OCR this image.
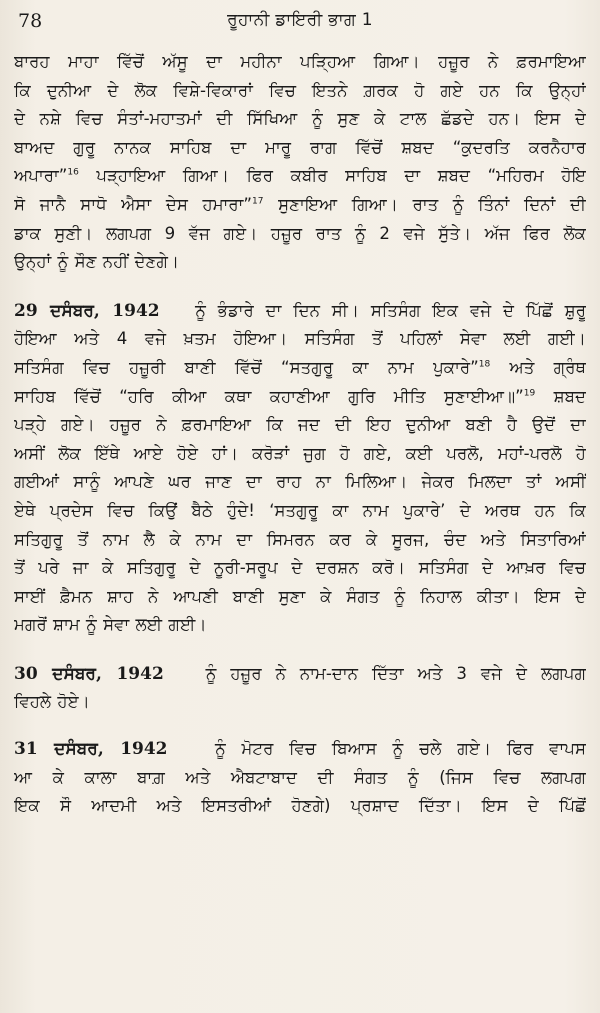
78	ਰੂਹਾਨੀ ਡਾਇਰੀ ਭਾਗ 1
ਬਾਰਹ ਮਾਹਾ ਵਿੱਚੋਂ ਅੱਸੂ ਦਾ ਮਹੀਨਾ ਪੜ੍ਹਿਆ ਗਿਆ। ਹਜ਼ੂਰ ਨੇ ਫ਼ਰਮਾਇਆ
ਕਿ ਦੁਨੀਆ ਦੇ ਲੋਕ ਵਿਸ਼ੇ-ਵਿਕਾਰਾਂ ਵਿਚ ਇਤਨੇ ਗ਼ਰਕ ਹੋ ਗਏ ਹਨ ਕਿ ਉਨ੍ਹਾਂ
ਦੇ ਨਸ਼ੇ ਵਿਚ ਸੰਤਾਂ-ਮਹਾਤਮਾਂ ਦੀ ਸਿੱਖਿਆ ਨੂੰ ਸੁਣ ਕੇ ਟਾਲ ਛੱਡਦੇ ਹਨ। ਇਸ ਦੇ
ਬਾਅਦ ਗੁਰੂ ਨਾਨਕ ਸਾਹਿਬ ਦਾ ਮਾਰੂ ਰਾਗ ਵਿੱਚੋਂ ਸ਼ਬਦ “ਕੁਦਰਤਿ ਕਰਨੈਹਾਰ
ਅਪਾਰਾ”$^{16}$ ਪੜ੍ਹਾਇਆ ਗਿਆ। ਫਿਰ ਕਬੀਰ ਸਾਹਿਬ ਦਾ ਸ਼ਬਦ “ਮਹਿਰਮ ਹੋਇ
ਸੋ ਜਾਨੈ ਸਾਧੋ ਐਸਾ ਦੇਸ ਹਮਾਰਾ”$^{17}$ ਸੁਣਾਇਆ ਗਿਆ। ਰਾਤ ਨੂੰ ਤਿੰਨਾਂ ਦਿਨਾਂ ਦੀ
ਡਾਕ ਸੁਣੀ। ਲਗਪਗ 9 ਵੱਜ ਗਏ। ਹਜ਼ੂਰ ਰਾਤ ਨੂੰ 2 ਵਜੇ ਸੁੱਤੇ। ਅੱਜ ਫਿਰ ਲੋਕ
ਉਨ੍ਹਾਂ ਨੂੰ ਸੌਣ ਨਹੀਂ ਦੇਣਗੇ।
29 ਦਸੰਬਰ, 1942 ਨੂੰ ਭੰਡਾਰੇ ਦਾ ਦਿਨ ਸੀ। ਸਤਿਸੰਗ ਇਕ ਵਜੇ ਦੇ ਪਿੱਛੋਂ ਸ਼ੁਰੂ
ਹੋਇਆ ਅਤੇ 4 ਵਜੇ ਖ਼ਤਮ ਹੋਇਆ। ਸਤਿਸੰਗ ਤੋਂ ਪਹਿਲਾਂ ਸੇਵਾ ਲਈ ਗਈ।
ਸਤਿਸੰਗ ਵਿਚ ਹਜ਼ੂਰੀ ਬਾਣੀ ਵਿੱਚੋਂ “ਸਤਗੁਰੂ ਕਾ ਨਾਮ ਪੁਕਾਰੇ”$^{18}$ ਅਤੇ ਗ੍ਰੰਥ
ਸਾਹਿਬ ਵਿੱਚੋਂ “ਹਰਿ ਕੀਆ ਕਥਾ ਕਹਾਣੀਆ ਗੁਰਿ ਮੀਤਿ ਸੁਣਾਈਆ॥”$^{19}$ ਸ਼ਬਦ
ਪੜ੍ਹੇ ਗਏ। ਹਜ਼ੂਰ ਨੇ ਫ਼ਰਮਾਇਆ ਕਿ ਜਦ ਦੀ ਇਹ ਦੁਨੀਆ ਬਣੀ ਹੈ ਉਦੋਂ ਦਾ
ਅਸੀਂ ਲੋਕ ਇੱਥੇ ਆਏ ਹੋਏ ਹਾਂ। ਕਰੋੜਾਂ ਜੁਗ ਹੋ ਗਏ, ਕਈ ਪਰਲੋ, ਮਹਾਂ-ਪਰਲੋ ਹੋ
ਗਈਆਂ ਸਾਨੂੰ ਆਪਣੇ ਘਰ ਜਾਣ ਦਾ ਰਾਹ ਨਾ ਮਿਲਿਆ। ਜੇਕਰ ਮਿਲਦਾ ਤਾਂ ਅਸੀਂ
ਏਥੇ ਪ੍ਰਦੇਸ ਵਿਚ ਕਿਉਂ ਬੈਠੇ ਹੁੰਦੇ! ‘ਸਤਗੁਰੂ ਕਾ ਨਾਮ ਪੁਕਾਰੇ’ ਦੇ ਅਰਥ ਹਨ ਕਿ
ਸਤਿਗੁਰੂ ਤੋਂ ਨਾਮ ਲੈ ਕੇ ਨਾਮ ਦਾ ਸਿਮਰਨ ਕਰ ਕੇ ਸੂਰਜ, ਚੰਦ ਅਤੇ ਸਿਤਾਰਿਆਂ
ਤੋਂ ਪਰੇ ਜਾ ਕੇ ਸਤਿਗੁਰੂ ਦੇ ਨੂਰੀ-ਸਰੂਪ ਦੇ ਦਰਸ਼ਨ ਕਰੋ। ਸਤਿਸੰਗ ਦੇ ਆਖ਼ਰ ਵਿਚ
ਸਾਈਂ ਫ਼ੈਮਨ ਸ਼ਾਹ ਨੇ ਆਪਣੀ ਬਾਣੀ ਸੁਣਾ ਕੇ ਸੰਗਤ ਨੂੰ ਨਿਹਾਲ ਕੀਤਾ। ਇਸ ਦੇ
ਮਗਰੋਂ ਸ਼ਾਮ ਨੂੰ ਸੇਵਾ ਲਈ ਗਈ।
30 ਦਸੰਬਰ, 1942	ਨੂੰ ਹਜ਼ੂਰ ਨੇ ਨਾਮ-ਦਾਨ ਦਿੱਤਾ ਅਤੇ 3 ਵਜੇ ਦੇ ਲਗਪਗ
ਵਿਹਲੇ ਹੋਏ।
31 ਦਸੰਬਰ, 1942	ਨੂੰ ਮੋਟਰ ਵਿਚ ਬਿਆਸ ਨੂੰ ਚਲੇ ਗਏ। ਫਿਰ ਵਾਪਸ
ਆ ਕੇ ਕਾਲਾ ਬਾਗ਼ ਅਤੇ ਐਬਟਾਬਾਦ ਦੀ ਸੰਗਤ ਨੂੰ (ਜਿਸ ਵਿਚ ਲਗਪਗ
ਇਕ ਸੌ ਆਦਮੀ ਅਤੇ ਇਸਤਰੀਆਂ ਹੋਣਗੇ) ਪ੍ਰਸ਼ਾਦ ਦਿੱਤਾ। ਇਸ ਦੇ ਪਿੱਛੋਂ
